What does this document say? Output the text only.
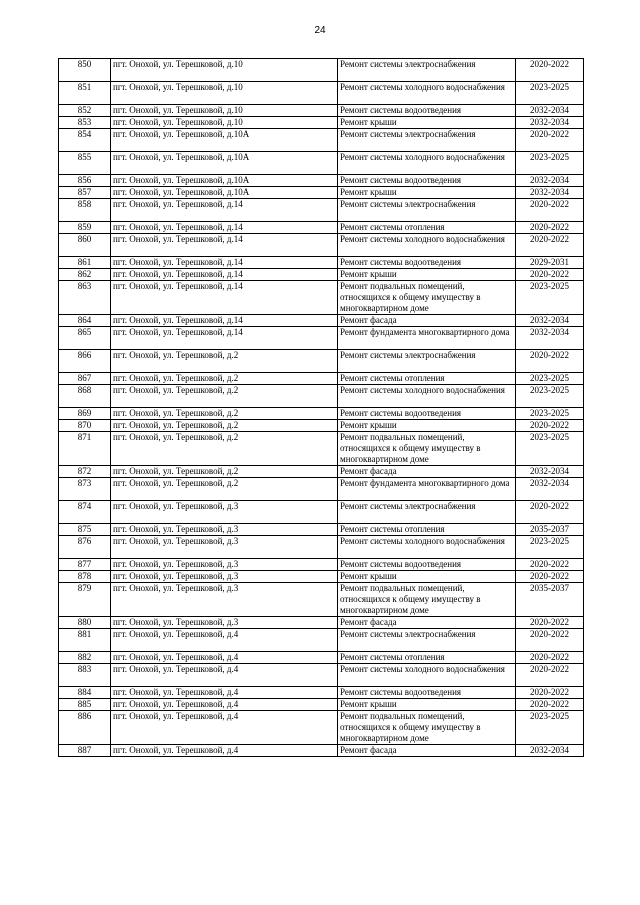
24
850	пгт. Онохой, ул. Терешковой, д.10	Ремонт системы электроснабжения	2020-2022
851	пгт. Онохой, ул. Терешковой, д.10	Ремонт системы холодного водоснабжения	2023-2025
852	пгт. Онохой, ул. Терешковой, д.10	Ремонт системы водоотведения	2032-2034
853	пгт. Онохой, ул. Терешковой, д.10	Ремонт крыши	2032-2034
854	пгт. Онохой, ул. Терешковой, д.10А	Ремонт системы электроснабжения	2020-2022
855	пгт. Онохой, ул. Терешковой, д.10А	Ремонт системы холодного водоснабжения	2023-2025
856	пгт. Онохой, ул. Терешковой, д.10А	Ремонт системы водоотведения	2032-2034
857	пгт. Онохой, ул. Терешковой, д.10А	Ремонт крыши	2032-2034
858	пгт. Онохой, ул. Терешковой, д.14	Ремонт системы электроснабжения	2020-2022
859	пгт. Онохой, ул. Терешковой, д.14	Ремонт системы отопления	2020-2022
860	пгт. Онохой, ул. Терешковой, д.14	Ремонт системы холодного водоснабжения	2020-2022
861	пгт. Онохой, ул. Терешковой, д.14	Ремонт системы водоотведения	2029-2031
862	пгт. Онохой, ул. Терешковой, д.14	Ремонт крыши	2020-2022
863	пгт. Онохой, ул. Терешковой, д.14	Ремонт подвальных помещений, относящихся к общему имуществу в многоквартирном доме	2023-2025
864	пгт. Онохой, ул. Терешковой, д.14	Ремонт фасада	2032-2034
865	пгт. Онохой, ул. Терешковой, д.14	Ремонт фундамента многоквартирного дома	2032-2034
866	пгт. Онохой, ул. Терешковой, д.2	Ремонт системы электроснабжения	2020-2022
867	пгт. Онохой, ул. Терешковой, д.2	Ремонт системы отопления	2023-2025
868	пгт. Онохой, ул. Терешковой, д.2	Ремонт системы холодного водоснабжения	2023-2025
869	пгт. Онохой, ул. Терешковой, д.2	Ремонт системы водоотведения	2023-2025
870	пгт. Онохой, ул. Терешковой, д.2	Ремонт крыши	2020-2022
871	пгт. Онохой, ул. Терешковой, д.2	Ремонт подвальных помещений, относящихся к общему имуществу в многоквартирном доме	2023-2025
872	пгт. Онохой, ул. Терешковой, д.2	Ремонт фасада	2032-2034
873	пгт. Онохой, ул. Терешковой, д.2	Ремонт фундамента многоквартирного дома	2032-2034
874	пгт. Онохой, ул. Терешковой, д.3	Ремонт системы электроснабжения	2020-2022
875	пгт. Онохой, ул. Терешковой, д.3	Ремонт системы отопления	2035-2037
876	пгт. Онохой, ул. Терешковой, д.3	Ремонт системы холодного водоснабжения	2023-2025
877	пгт. Онохой, ул. Терешковой, д.3	Ремонт системы водоотведения	2020-2022
878	пгт. Онохой, ул. Терешковой, д.3	Ремонт крыши	2020-2022
879	пгт. Онохой, ул. Терешковой, д.3	Ремонт подвальных помещений, относящихся к общему имуществу в многоквартирном доме	2035-2037
880	пгт. Онохой, ул. Терешковой, д.3	Ремонт фасада	2020-2022
881	пгт. Онохой, ул. Терешковой, д.4	Ремонт системы электроснабжения	2020-2022
882	пгт. Онохой, ул. Терешковой, д.4	Ремонт системы отопления	2020-2022
883	пгт. Онохой, ул. Терешковой, д.4	Ремонт системы холодного водоснабжения	2020-2022
884	пгт. Онохой, ул. Терешковой, д.4	Ремонт системы водоотведения	2020-2022
885	пгт. Онохой, ул. Терешковой, д.4	Ремонт крыши	2020-2022
886	пгт. Онохой, ул. Терешковой, д.4	Ремонт подвальных помещений, относящихся к общему имуществу в многоквартирном доме	2023-2025
887	пгт. Онохой, ул. Терешковой, д.4	Ремонт фасада	2032-2034
